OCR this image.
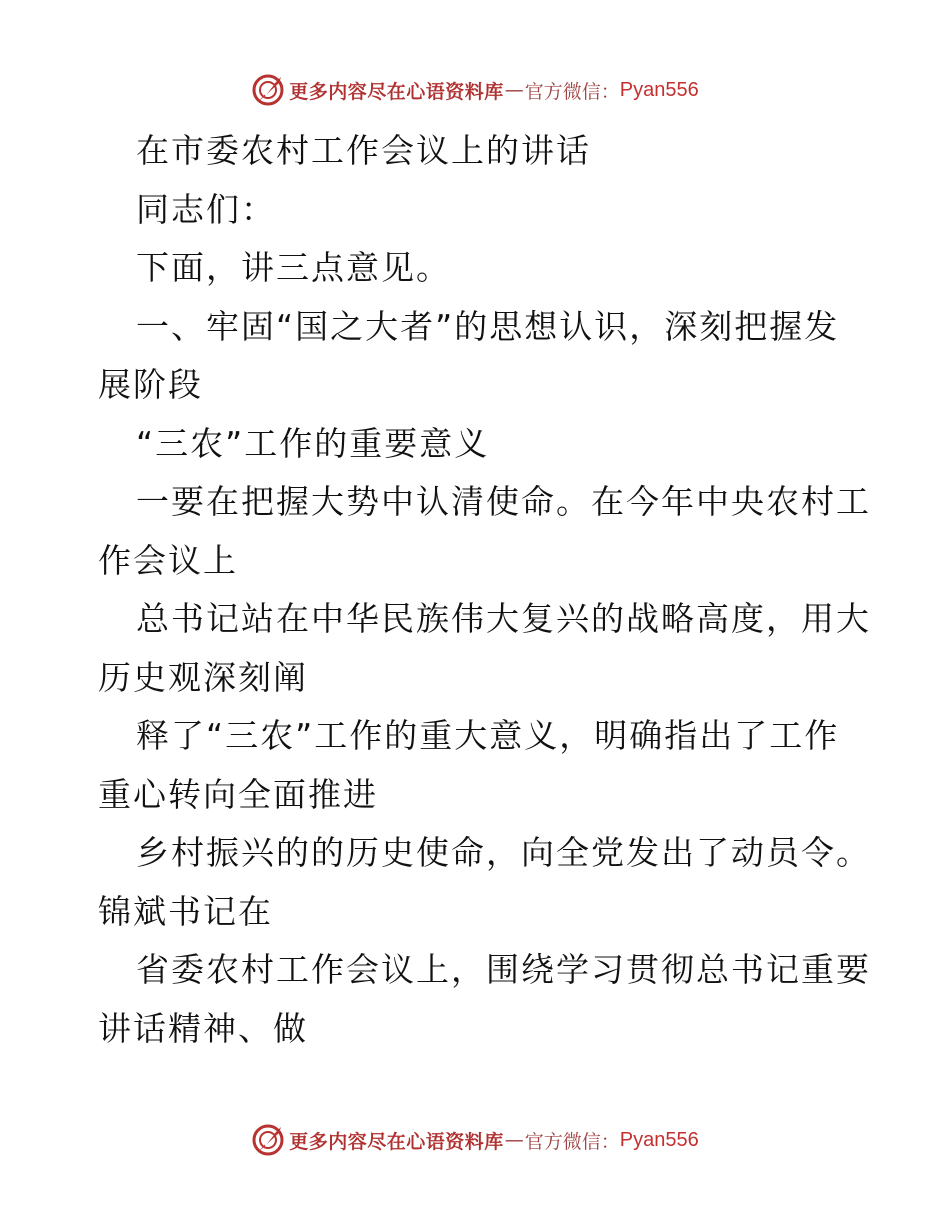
更多内容尽在心语资料库 — 官方微信： Pyan556
在市委农村工作会议上的讲话
同志们：
下面，讲三点意见。
一、牢固“国之大者”的思想认识，深刻把握发
展阶段
“三农”工作的重要意义
一要在把握大势中认清使命。在今年中央农村工
作会议上
总书记站在中华民族伟大复兴的战略高度，用大
历史观深刻阐
释了“三农”工作的重大意义，明确指出了工作
重心转向全面推进
乡村振兴的的历史使命，向全党发出了动员令。
锦斌书记在
省委农村工作会议上，围绕学习贯彻总书记重要
讲话精神、做
更多内容尽在心语资料库 — 官方微信： Pyan556
